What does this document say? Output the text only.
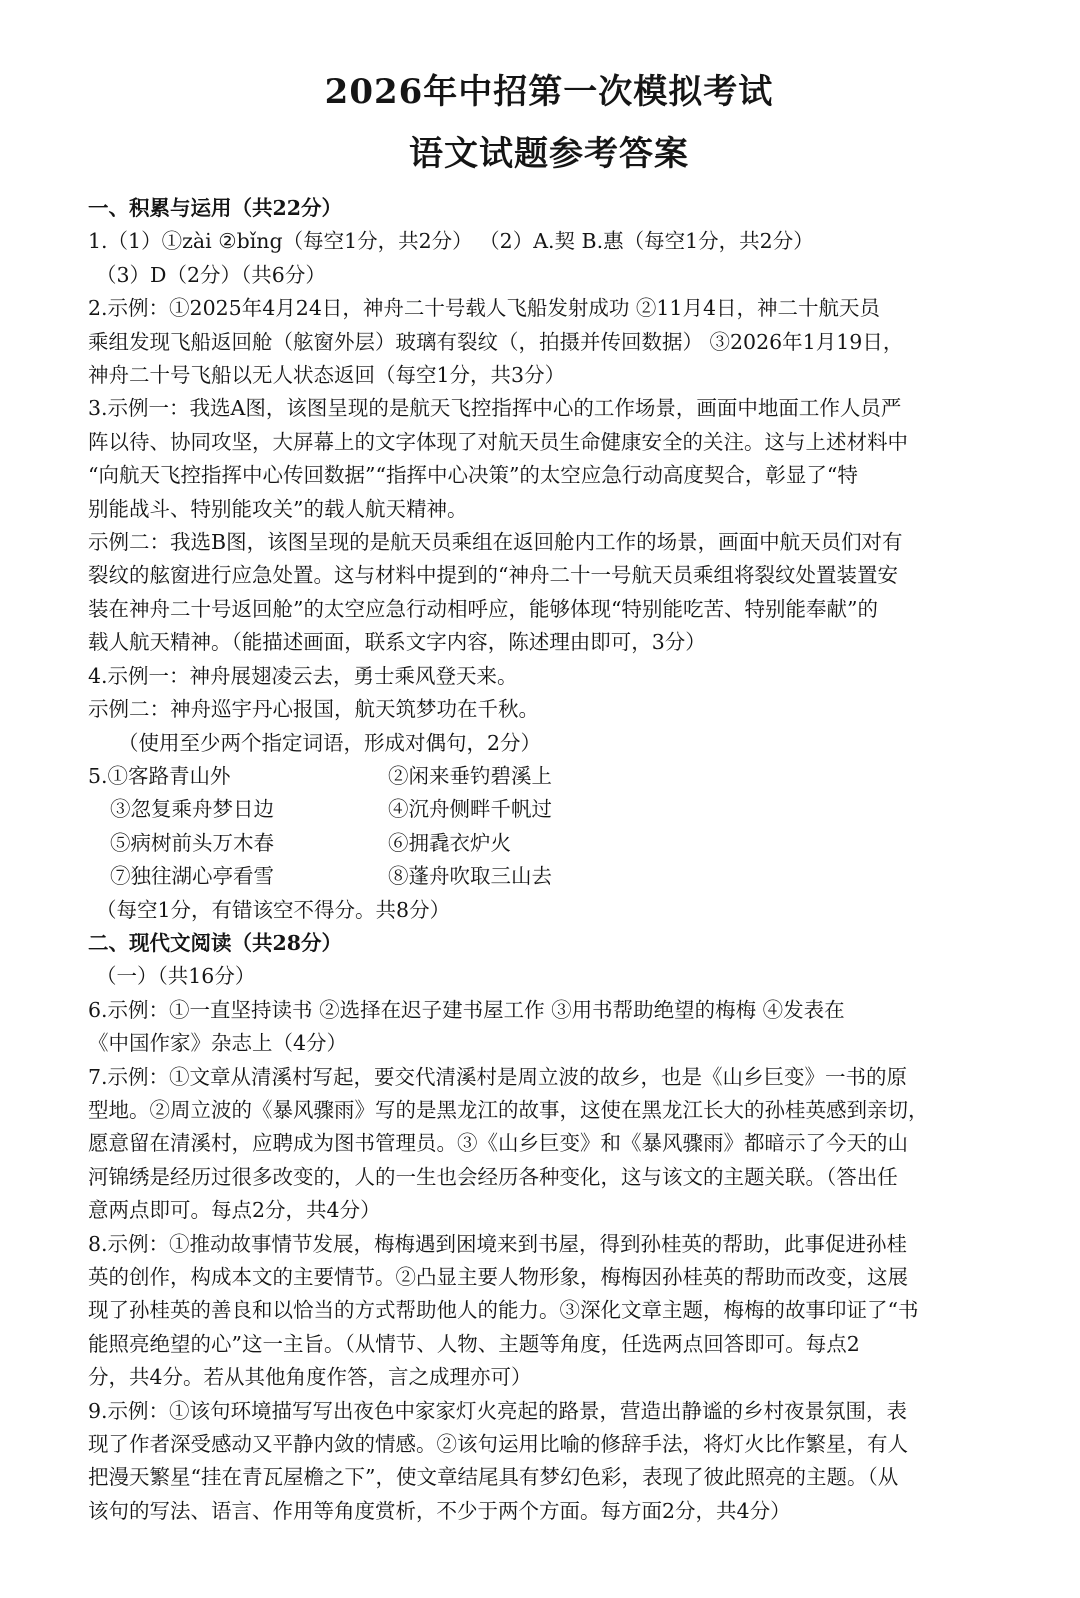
2026年中招第一次模拟考试
语文试题参考答案
一、积累与运用（共22分）
1.（1）①zài ②bǐng（每空1分，共2分） （2）A.契 B.惠（每空1分，共2分）
（3）D（2分）（共6分）
2.示例：①2025年4月24日，神舟二十号载人飞船发射成功 ②11月4日，神二十航天员
乘组发现飞船返回舱（舷窗外层）玻璃有裂纹（，拍摄并传回数据） ③2026年1月19日，
神舟二十号飞船以无人状态返回（每空1分，共3分）
3.示例一：我选A图，该图呈现的是航天飞控指挥中心的工作场景，画面中地面工作人员严
阵以待、协同攻坚，大屏幕上的文字体现了对航天员生命健康安全的关注。这与上述材料中
“向航天飞控指挥中心传回数据”“指挥中心决策”的太空应急行动高度契合，彰显了“特
别能战斗、特别能攻关”的载人航天精神。
示例二：我选B图，该图呈现的是航天员乘组在返回舱内工作的场景，画面中航天员们对有
裂纹的舷窗进行应急处置。这与材料中提到的“神舟二十一号航天员乘组将裂纹处置装置安
装在神舟二十号返回舱”的太空应急行动相呼应，能够体现“特别能吃苦、特别能奉献”的
载人航天精神。（能描述画面，联系文字内容，陈述理由即可，3分）
4.示例一：神舟展翅凌云去，勇士乘风登天来。
示例二：神舟巡宇丹心报国，航天筑梦功在千秋。
（使用至少两个指定词语，形成对偶句，2分）
5.①客路青山外	②闲来垂钓碧溪上
③忽复乘舟梦日边	④沉舟侧畔千帆过
⑤病树前头万木春	⑥拥毳衣炉火
⑦独往湖心亭看雪	⑧蓬舟吹取三山去
（每空1分，有错该空不得分。共8分）
二、现代文阅读（共28分）
（一）（共16分）
6.示例：①一直坚持读书 ②选择在迟子建书屋工作 ③用书帮助绝望的梅梅 ④发表在
《中国作家》杂志上（4分）
7.示例：①文章从清溪村写起，要交代清溪村是周立波的故乡，也是《山乡巨变》一书的原
型地。②周立波的《暴风骤雨》写的是黑龙江的故事，这使在黑龙江长大的孙桂英感到亲切，
愿意留在清溪村，应聘成为图书管理员。③《山乡巨变》和《暴风骤雨》都暗示了今天的山
河锦绣是经历过很多改变的，人的一生也会经历各种变化，这与该文的主题关联。（答出任
意两点即可。每点2分，共4分）
8.示例：①推动故事情节发展，梅梅遇到困境来到书屋，得到孙桂英的帮助，此事促进孙桂
英的创作，构成本文的主要情节。②凸显主要人物形象，梅梅因孙桂英的帮助而改变，这展
现了孙桂英的善良和以恰当的方式帮助他人的能力。③深化文章主题，梅梅的故事印证了“书
能照亮绝望的心”这一主旨。（从情节、人物、主题等角度，任选两点回答即可。每点2
分，共4分。若从其他角度作答，言之成理亦可）
9.示例：①该句环境描写写出夜色中家家灯火亮起的路景，营造出静谧的乡村夜景氛围，表
现了作者深受感动又平静内敛的情感。②该句运用比喻的修辞手法，将灯火比作繁星，有人
把漫天繁星“挂在青瓦屋檐之下”，使文章结尾具有梦幻色彩，表现了彼此照亮的主题。（从
该句的写法、语言、作用等角度赏析，不少于两个方面。每方面2分，共4分）
